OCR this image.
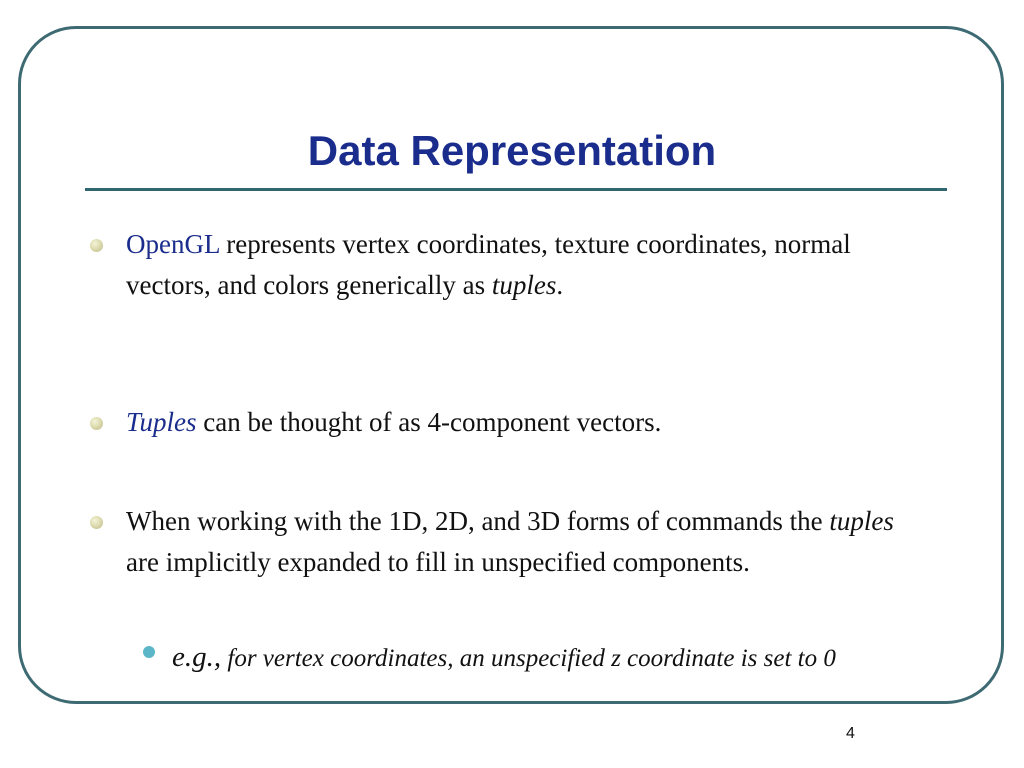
Data Representation
OpenGL represents vertex coordinates, texture coordinates, normal vectors, and colors generically as tuples.
Tuples can be thought of as 4-component vectors.
When working with the 1D, 2D, and 3D forms of commands the tuples are implicitly expanded to fill in unspecified components.
e.g., for vertex coordinates, an unspecified z coordinate is set to 0
4
